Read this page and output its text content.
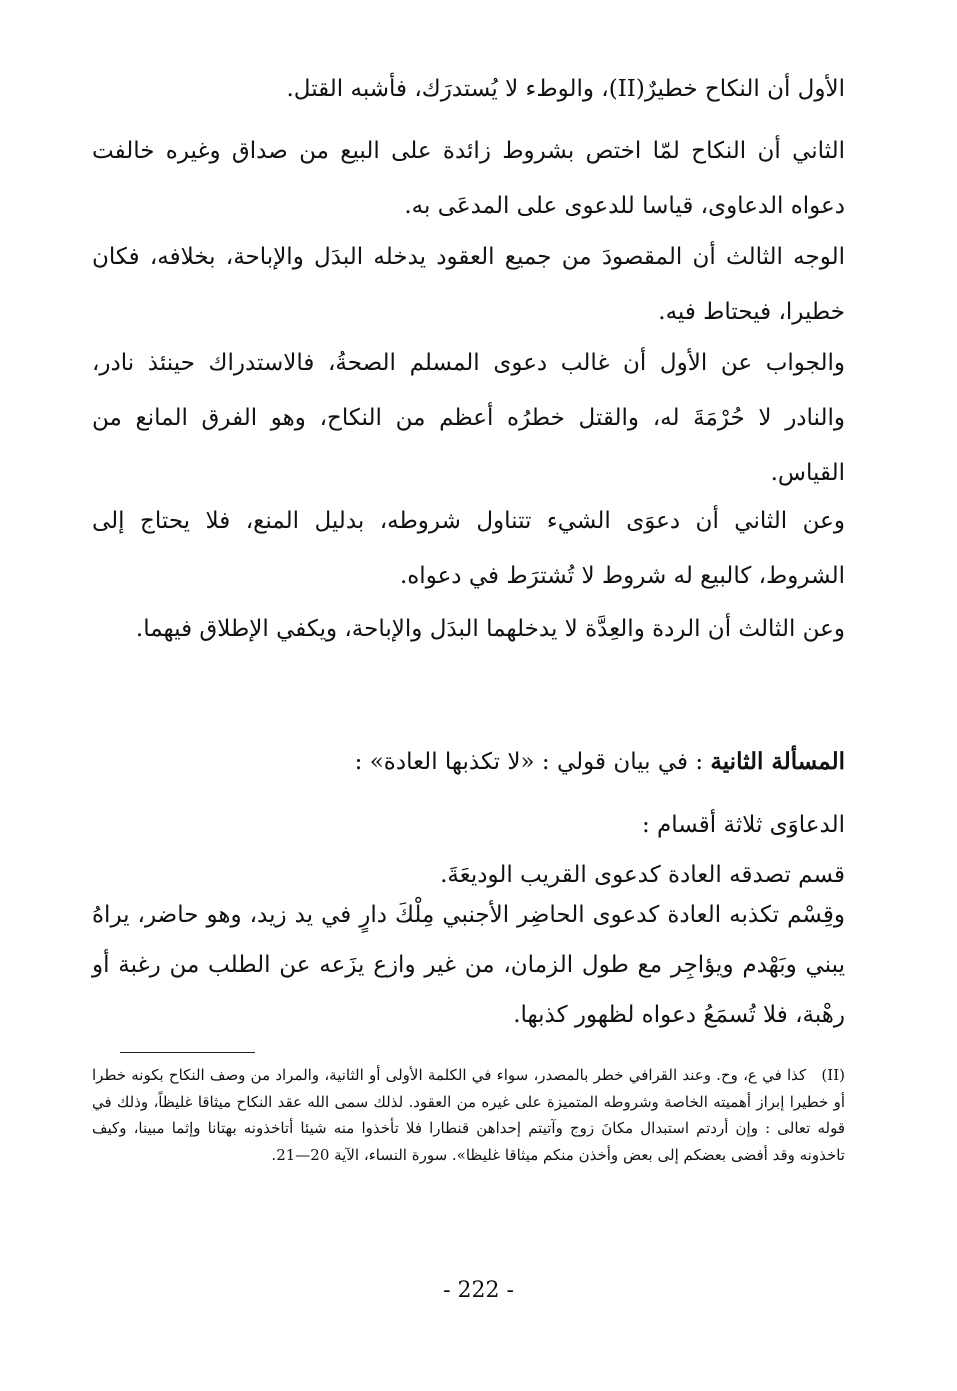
الأول أن النكاح خطيرٌ(II)، والوطء لا يُستدرَك، فأشبه القتل.

الثاني أن النكاح لمّا اختص بشروط زائدة على البيع من صداق وغيره خالفت دعواه الدعاوى، قياسا للدعوى على المدعَى به.

الوجه الثالث أن المقصودَ من جميع العقود يدخله البدَل والإباحة، بخلافه، فكان خطيرا، فيحتاط فيه.

والجواب عن الأول أن غالب دعوى المسلم الصحةُ، فالاستدراك حينئذ نادر، والنادر لا حُرْمَةَ له، والقتل خطرُه أعظم من النكاح، وهو الفرق المانع من القياس.

وعن الثاني أن دعوَى الشيء تتناول شروطه، بدليل المنع، فلا يحتاج إلى الشروط، كالبيع له شروط لا تُشترَط في دعواه.

وعن الثالث أن الردة والعِدَّة لا يدخلهما البدَل والإباحة، ويكفي الإطلاق فيهما.

المسألة الثانية : في بيان قولي : «لا تكذبها العادة» :
الدعاوَى ثلاثة أقسام :
قسم تصدقه العادة كدعوى القريب الوديعَةَ.

وقِسْم تكذبه العادة كدعوى الحاضِر الأجنبي مِلْكَ دارٍ في يد زيد، وهو حاضر، يراهُ يبني وبَهْدم ويؤاجِر مع طول الزمان، من غير وازع يزَعه عن الطلب من رغبة أو رهْبة، فلا تُسمَعُ دعواه لظهور كذبها.

(II) كذا في ع، وح. وعند القرافي خطر بالمصدر، سواء في الكلمة الأولى أو الثانية، والمراد من وصف النكاح بكونه خطرا أو خطيرا إبراز أهميته الخاصة وشروطه المتميزة على غيره من العقود. لذلك سمى الله عقد النكاح ميثاقا غليظاً، وذلك في قوله تعالى : وإن أردتم استبدال مكانَ زوج وآتيتم إحداهن قنطارا فلا تأخذوا منه شيئا أتاخذونه بهتانا وإثما مبينا، وكيف تاخذونه وقد أفضى بعضكم إلى بعض وأخذن منكم ميثاقا غليظا». سورة النساء، الآية 20—21.
- 222 -
